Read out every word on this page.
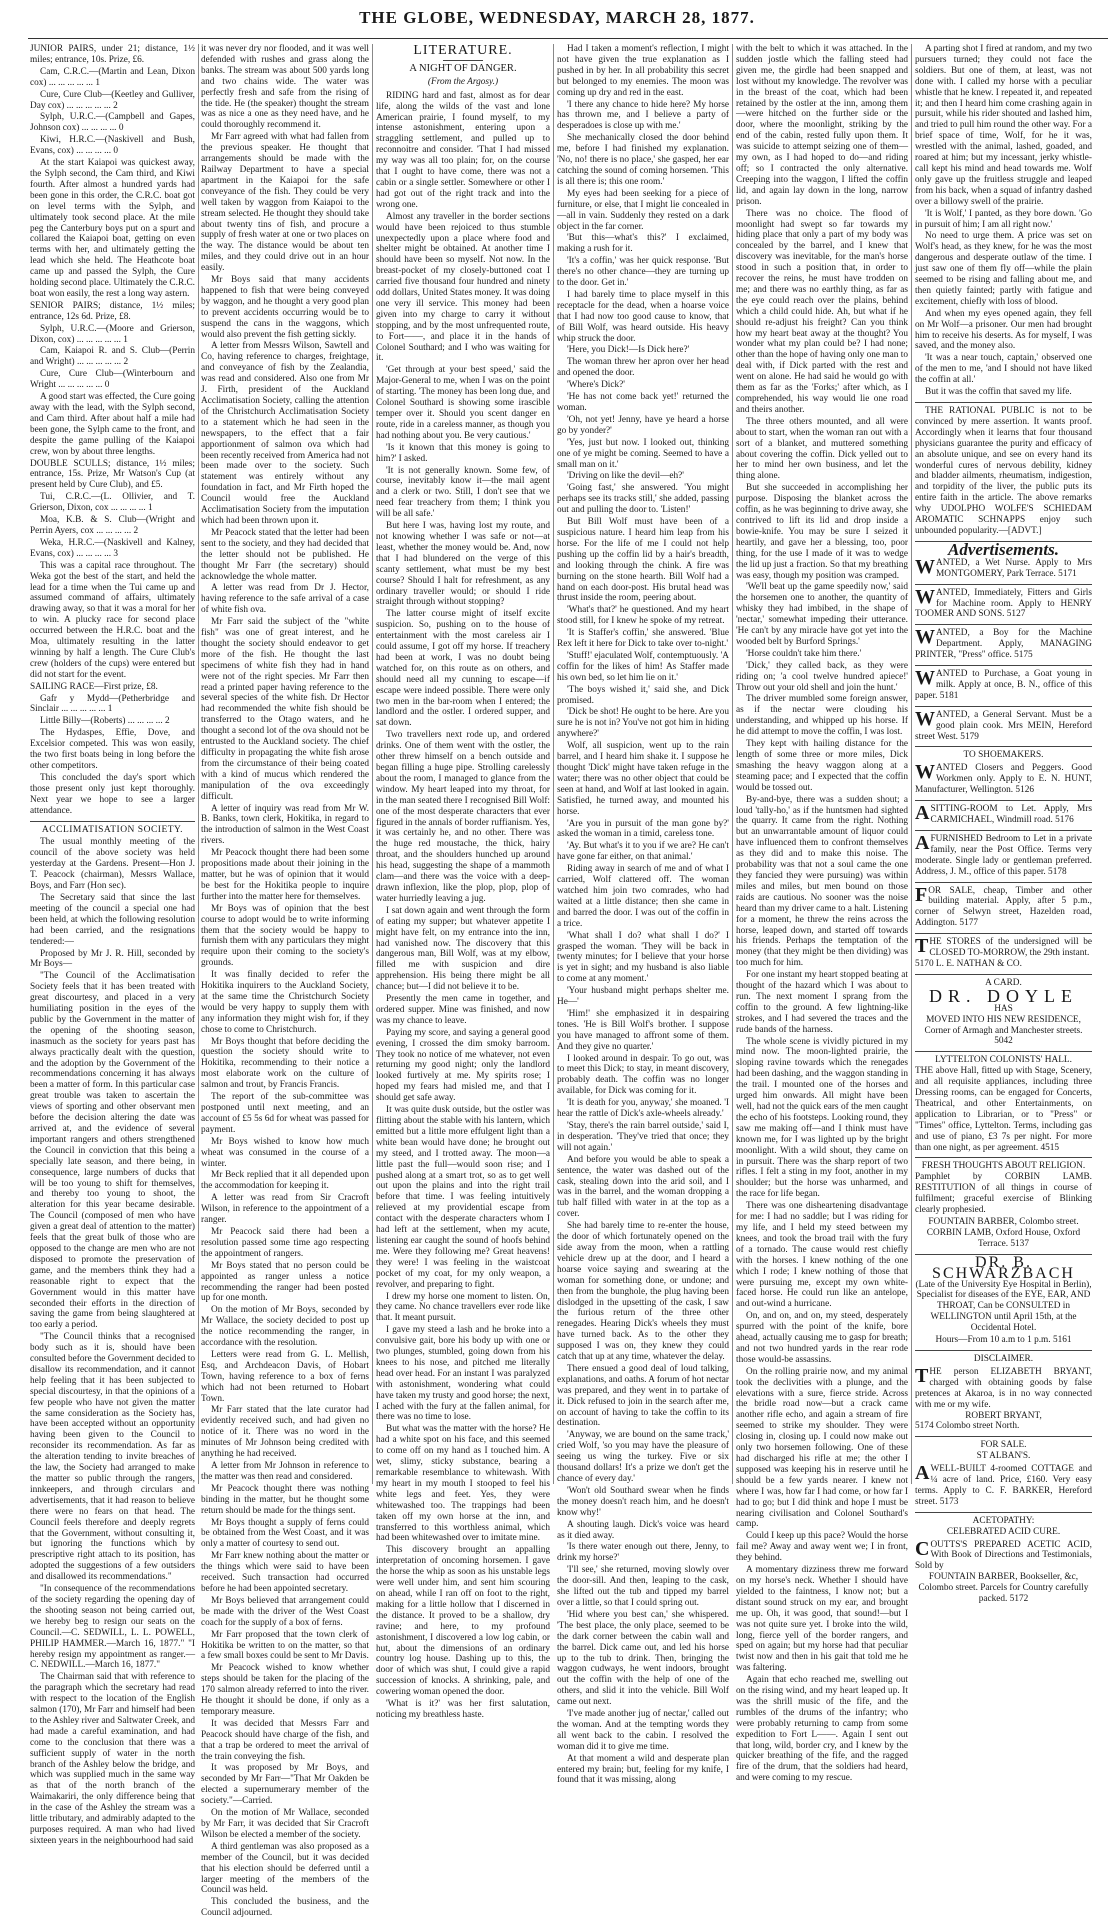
THE GLOBE, WEDNESDAY, MARCH 28, 1877.

JUNIOR PAIRS, under 21; distance, 1½ miles; entrance, 10s. Prize, £6.

Cam, C.R.C.—(Martin and Lean, Dixon cox) ... ... ... ... ... 1

Cure, Cure Club—(Keetley and Gulliver, Day cox) ... ... ... ... ... 2

Sylph, U.R.C.—(Campbell and Gapes, Johnson cox) ... ... ... ... 0

Kiwi, H.R.C.—(Naskivell and Bush, Evans, cox) ... ... ... ... 0

At the start Kaiapoi was quickest away, the Sylph second, the Cam third, and Kiwi fourth. After almost a hundred yards had been gone in this order, the C.R.C. boat got on level terms with the Sylph, and ultimately took second place. At the mile peg the Canterbury boys put on a spurt and collared the Kaiapoi boat, getting on even terms with her, and ultimately getting the lead which she held. The Heathcote boat came up and passed the Sylph, the Cure holding second place. Ultimately the C.R.C. boat won easily, the rest a long way astern.

SENIOR PAIRS; distance, 1½ miles; entrance, 12s 6d. Prize, £8.

Sylph, U.R.C.—(Moore and Grierson, Dixon, cox) ... ... ... ... ... 1

Cam, Kaiapoi R. and S. Club—(Perrin and Wright) ... ... ... ... ... 2

Cure, Cure Club—(Winterbourn and Wright ... ... ... ... ... 0

A good start was effected, the Cure going away with the lead, with the Sylph second, and Cam third. After about half a mile had been gone, the Sylph came to the front, and despite the game pulling of the Kaiapoi crew, won by about three lengths.

DOUBLE SCULLS; distance, 1½ miles; entrance, 15s. Prize, Mr Watson's Cup (at present held by Cure Club), and £5.

Tui, C.R.C.—(L. Ollivier, and T. Grierson, Dixon, cox ... ... ... ... 1

Moa, K.B. & S. Club—(Wright and Perrin Ayers, cox ... ... ... ... 2

Weka, H.R.C.—(Naskivell and Kalney, Evans, cox) ... ... ... ... 3

This was a capital race throughout. The Weka got the best of the start, and held the lead for a time when the Tui came up and assumed command of affairs, ultimately drawing away, so that it was a moral for her to win. A plucky race for second place occurred between the H.R.C. boat and the Moa, ultimately resulting in the latter winning by half a length. The Cure Club's crew (holders of the cups) were entered but did not start for the event.

SAILING RACE—First prize, £8.

Gafr y Mydd—(Petherbridge and Sinclair ... ... ... ... ... 1

Little Billy—(Roberts) ... ... ... ... 2

The Hydaspes, Effie, Dove, and Excelsior competed. This was won easily, the two first boats being in long before the other competitors.

This concluded the day's sport which those present only just kept thoroughly. Next year we hope to see a larger attendance.

ACCLIMATISATION SOCIETY.

The usual monthly meeting of the council of the above society was held yesterday at the Gardens. Present—Hon J. T. Peacock (chairman), Messrs Wallace, Boys, and Farr (Hon sec).

The Secretary said that since the last meeting of the council a special one had been held, at which the following resolution had been carried, and the resignations tendered:—

Proposed by Mr J. R. Hill, seconded by Mr Boys—

"The Council of the Acclimatisation Society feels that it has been treated with great discourtesy, and placed in a very humiliating position in the eyes of the public by the Government in the matter of the opening of the shooting season, inasmuch as the society for years past has always practically dealt with the question, and the adoption by the Government of the recommendations concerning it has always been a matter of form. In this particular case great trouble was taken to ascertain the views of sporting and other observant men before the decision altering the date was arrived at, and the evidence of several important rangers and others strengthened the Council in conviction that this being a specially late season, and there being, in consequence, large numbers of ducks that will be too young to shift for themselves, and thereby too young to shoot, the alteration for this year became desirable. The Council (composed of men who have given a great deal of attention to the matter) feels that the great bulk of those who are opposed to the change are men who are not disposed to promote the preservation of game, and the members think they had a reasonable right to expect that the Government would in this matter have seconded their efforts in the direction of saving the game from being slaughtered at too early a period.

"The Council thinks that a recognised body such as it is, should have been consulted before the Government decided to disallow its recommendation, and it cannot help feeling that it has been subjected to special discourtesy, in that the opinions of a few people who have not given the matter the same consideration as the Society has, have been accepted without an opportunity having been given to the Council to reconsider its recommendation. As far as the alteration tending to invite breaches of the law, the Society had arranged to make the matter so public through the rangers, innkeepers, and through circulars and advertisements, that it had reason to believe there were no fears on that head. The Council feels therefore and deeply regrets that the Government, without consulting it, but ignoring the functions which by prescriptive right attach to its position, has adopted the suggestions of a few outsiders and disallowed its recommendations."

"In consequence of the recommendations of the society regarding the opening day of the shooting season not being carried out, we hereby beg to resign our seats on the Council.—C. SEDWILL, L. L. POWELL, PHILIP HAMMER.—March 16, 1877." "I hereby resign my appointment as ranger.—C. NEDWILL.—March 16, 1877."

The Chairman said that with reference to the paragraph which the secretary had read with respect to the location of the English salmon (170), Mr Farr and himself had been to the Ashley river and Saltwater Creek, and had made a careful examination, and had come to the conclusion that there was a sufficient supply of water in the north branch of the Ashley below the bridge, and which was supplied much in the same way as that of the north branch of the Waimakariri, the only difference being that in the case of the Ashley the stream was a little tributary, and admirably adapted to the purposes required. A man who had lived sixteen years in the neighbourhood had said

it was never dry nor flooded, and it was well defended with rushes and grass along the banks. The stream was about 500 yards long and two chains wide. The water was perfectly fresh and safe from the rising of the tide. He (the speaker) thought the stream was as nice a one as they need have, and he could thoroughly recommend it.

Mr Farr agreed with what had fallen from the previous speaker. He thought that arrangements should be made with the Railway Department to have a special apartment in the Kaiapoi for the safe conveyance of the fish. They could be very well taken by waggon from Kaiapoi to the stream selected. He thought they should take about twenty tins of fish, and procure a supply of fresh water at one or two places on the way. The distance would be about ten miles, and they could drive out in an hour easily.

Mr Boys said that many accidents happened to fish that were being conveyed by waggon, and he thought a very good plan to prevent accidents occurring would be to suspend the cans in the waggons, which would also prevent the fish getting sickly.

A letter from Messrs Wilson, Sawtell and Co, having reference to charges, freightage, and conveyance of fish by the Zealandia, was read and considered. Also one from Mr J. Firth, president of the Auckland Acclimatisation Society, calling the attention of the Christchurch Acclimatisation Society to a statement which he had seen in the newspapers, to the effect that a fair apportionment of salmon ova which had been recently received from America had not been made over to the society. Such statement was entirely without any foundation in fact, and Mr Firth hoped the Council would free the Auckland Acclimatisation Society from the imputation which had been thrown upon it.

Mr Peacock stated that the letter had been sent to the society, and they had decided that the letter should not be published. He thought Mr Farr (the secretary) should acknowledge the whole matter.

A letter was read from Dr J. Hector, having reference to the safe arrival of a case of white fish ova.

Mr Farr said the subject of the "white fish" was one of great interest, and he thought the society should endeavor to get more of the fish. He thought the last specimens of white fish they had in hand were not of the right species. Mr Farr then read a printed paper having reference to the several species of the white fish. Dr Hector had recommended the white fish should be transferred to the Otago waters, and he thought a second lot of the ova should not be entrusted to the Auckland society. The chief difficulty in propagating the white fish arose from the circumstance of their being coated with a kind of mucus which rendered the manipulation of the ova exceedingly difficult.

A letter of inquiry was read from Mr W. B. Banks, town clerk, Hokitika, in regard to the introduction of salmon in the West Coast rivers.

Mr Peacock thought there had been some propositions made about their joining in the matter, but he was of opinion that it would be best for the Hokitika people to inquire further into the matter here for themselves.

Mr Boys was of opinion that the best course to adopt would be to write informing them that the society would be happy to furnish them with any particulars they might require upon their coming to the society's grounds.

It was finally decided to refer the Hokitika inquirers to the Auckland Society, at the same time the Christchurch Society would be very happy to supply them with any information they might wish for, if they chose to come to Christchurch.

Mr Boys thought that before deciding the question the society should write to Hokitika, recommending to their notice a most elaborate work on the culture of salmon and trout, by Francis Francis.

The report of the sub-committee was postponed until next meeting, and an account of £5 5s 6d for wheat was passed for payment.

Mr Boys wished to know how much wheat was consumed in the course of a winter.

Mr Beck replied that it all depended upon the accommodation for keeping it.

A letter was read from Sir Cracroft Wilson, in reference to the appointment of a ranger.

Mr Peacock said there had been a resolution passed some time ago respecting the appointment of rangers.

Mr Boys stated that no person could be appointed as ranger unless a notice recommending the ranger had been posted up for one month.

On the motion of Mr Boys, seconded by Mr Wallace, the society decided to post up the notice recommending the ranger, in accordance with the resolution.

Letters were read from G. L. Mellish, Esq, and Archdeacon Davis, of Hobart Town, having reference to a box of ferns which had not been returned to Hobart Town.

Mr Farr stated that the late curator had evidently received such, and had given no notice of it. There was no word in the minutes of Mr Johnson being credited with anything he had received.

A letter from Mr Johnson in reference to the matter was then read and considered.

Mr Peacock thought there was nothing binding in the matter, but he thought some return should be made for the things sent.

Mr Boys thought a supply of ferns could be obtained from the West Coast, and it was only a matter of courtesy to send out.

Mr Farr knew nothing about the matter or the things which were said to have been received. Such transaction had occurred before he had been appointed secretary.

Mr Boys believed that arrangement could be made with the driver of the West Coast coach for the supply of a box of ferns.

Mr Farr proposed that the town clerk of Hokitika be written to on the matter, so that a few small boxes could be sent to Mr Davis.

Mr Peacock wished to know whether steps should be taken for the placing of the 170 salmon already referred to into the river. He thought it should be done, if only as a temporary measure.

It was decided that Messrs Farr and Peacock should have charge of the fish, and that a trap be ordered to meet the arrival of the train conveying the fish.

It was proposed by Mr Boys, and seconded by Mr Farr—"That Mr Oakden be elected a supernumerary member of the society."—Carried.

On the motion of Mr Wallace, seconded by Mr Farr, it was decided that Sir Cracroft Wilson be elected a member of the society.

A third gentleman was also proposed as a member of the Council, but it was decided that his election should be deferred until a larger meeting of the members of the Council was held.

This concluded the business, and the Council adjourned.

LITERATURE.
A NIGHT OF DANGER.
(From the Argosy.)

RIDING hard and fast, almost as for dear life, along the wilds of the vast and lone American prairie, I found myself, to my intense astonishment, entering upon a straggling settlement, and pulled up to reconnoitre and consider. 'That I had missed my way was all too plain; for, on the course that I ought to have come, there was not a cabin or a single settler. Somewhere or other I had got out of the right track and into the wrong one.

Almost any traveller in the border sections would have been rejoiced to thus stumble unexpectedly upon a place where food and shelter might be obtained. At another time I should have been so myself. Not now. In the breast-pocket of my closely-buttoned coat I carried five thousand four hundred and ninety odd dollars, United States money. It was doing one very ill service. This money had been given into my charge to carry it without stopping, and by the most unfrequented route, to Fort——, and place it in the hands of Colonel Southard; and I who was waiting for it.

'Get through at your best speed,' said the Major-General to me, when I was on the point of starting. 'The money has been long due, and Colonel Southard is showing some irascible temper over it. Should you scent danger en route, ride in a careless manner, as though you had nothing about you. Be very cautious.'

'Is it known that this money is going to him?' I asked.

'It is not generally known. Some few, of course, inevitably know it—the mail agent and a clerk or two. Still, I don't see that we need fear treachery from them; I think you will be all safe.'

But here I was, having lost my route, and not knowing whether I was safe or not—at least, whether the money would be. And, now that I had blundered on the verge of this scanty settlement, what must be my best course? Should I halt for refreshment, as any ordinary traveller would; or should I ride straight through without stopping?

The latter course might of itself excite suspicion. So, pushing on to the house of entertainment with the most careless air I could assume, I got off my horse. If treachery had been at work, I was no doubt being watched for, on this route as on others, and should need all my cunning to escape—if escape were indeed possible. There were only two men in the bar-room when I entered; the landlord and the ostler. I ordered supper, and sat down.

Two travellers next rode up, and ordered drinks. One of them went with the ostler, the other threw himself on a bench outside and began filling a huge pipe. Strolling carelessly about the room, I managed to glance from the window. My heart leaped into my throat, for in the man seated there I recognised Bill Wolf: one of the most desperate characters that ever figured in the annals of border ruffianism. Yes, it was certainly he, and no other. There was the huge red moustache, the thick, hairy throat, and the shoulders hunched up around his head, suggesting the shape of a mammoth clam—and there was the voice with a deep-drawn inflexion, like the plop, plop, plop of water hurriedly leaving a jug.

I sat down again and went through the form of eating my supper; but whatever appetite I might have felt, on my entrance into the inn, had vanished now. The discovery that this dangerous man, Bill Wolf, was at my elbow, filled me with suspicion and dire apprehension. His being there might be all chance; but—I did not believe it to be.

Presently the men came in together, and ordered supper. Mine was finished, and now was my chance to leave.

Paying my score, and saying a general good evening, I crossed the dim smoky barroom. They took no notice of me whatever, not even returning my good night; only the landlord looked furtively at me. My spirits rose; I hoped my fears had misled me, and that I should get safe away.

It was quite dusk outside, but the ostler was flitting about the stable with his lantern, which emitted but a little more effulgent light than a white bean would have done; he brought out my steed, and I trotted away. The moon—a little past the full—would soon rise; and I pushed along at a smart trot, so as to get well out upon the plains and into the right trail before that time. I was feeling intuitively relieved at my providential escape from contact with the desperate characters whom I had left at the settlement, when my acute, listening ear caught the sound of hoofs behind me. Were they following me? Great heavens! they were! I was feeling in the waistcoat pocket of my coat, for my only weapon, a revolver, and preparing to fight.

I drew my horse one moment to listen. On, they came. No chance travellers ever rode like that. It meant pursuit.

I gave my steed a lash and he broke into a convulsive gait, bore his body up with one or two plunges, stumbled, going down from his knees to his nose, and pitched me literally head over head. For an instant I was paralyzed with astonishment, wondering what could have taken my trusty and good horse; the next, I ached with the fury at the fallen animal, for there was no time to lose.

But what was the matter with the horse? He had a white spot on his face, and this seemed to come off on my hand as I touched him. A wet, slimy, sticky substance, bearing a remarkable resemblance to whitewash. With my heart in my mouth I stooped to feel his white legs and feet. Yes, they were whitewashed too. The trappings had been taken off my own horse at the inn, and transferred to this worthless animal, which had been whitewashed over to imitate mine.

This discovery brought an appalling interpretation of oncoming horsemen. I gave the horse the whip as soon as his unstable legs were well under him, and sent him scouring on ahead, while I ran off on foot to the right, making for a little hollow that I discerned in the distance. It proved to be a shallow, dry ravine; and here, to my profound astonishment, I discovered a low log cabin, or hut, about the dimensions of an ordinary country log house. Dashing up to this, the door of which was shut, I could give a rapid succession of knocks. A shrinking, pale, and cowering woman opened the door.

'What is it?' was her first salutation, noticing my breathless haste.

Had I taken a moment's reflection, I might not have given the true explanation as I pushed in by her. In all probability this secret but belonged to my enemies. The moon was coming up dry and red in the east.

'I there any chance to hide here? My horse has thrown me, and I believe a party of desperadoes is close up with me.'

She mechanically closed the door behind me, before I had finished my explanation. 'No, no! there is no place,' she gasped, her ear catching the sound of coming horsemen. 'This is all there is; this one room.'

My eyes had been seeking for a piece of furniture, or else, that I might lie concealed in—all in vain. Suddenly they rested on a dark object in the far corner.

'But this—what's this?' I exclaimed, making a rush for it.

'It's a coffin,' was her quick response. 'But there's no other chance—they are turning up to the door. Get in.'

I had barely time to place myself in this receptacle for the dead, when a hoarse voice that I had now too good cause to know, that of Bill Wolf, was heard outside. His heavy whip struck the door.

'Here, you Dick!—Is Dick here?'

The woman threw her apron over her head and opened the door.

'Where's Dick?'

'He has not come back yet!' returned the woman.

'Oh, not yet! Jenny, have ye heard a horse go by yonder?'

'Yes, just but now. I looked out, thinking one of ye might be coming. Seemed to have a small man on it.'

'Driving on like the devil—eh?'

'Going fast,' she answered. 'You might perhaps see its tracks still,' she added, passing out and pulling the door to. 'Listen!'

But Bill Wolf must have been of a suspicious nature. I heard him leap from his horse. For the life of me I could not help pushing up the coffin lid by a hair's breadth, and looking through the chink. A fire was burning on the stone hearth. Bill Wolf had a hand on each door-post. His brutal head was thrust inside the room, peering about.

'What's that?' he questioned. And my heart stood still, for I knew he spoke of my retreat.

'It is Staffer's coffin,' she answered. 'Blue Rex left it here for Dick to take over to-night.'

'Stuff!' ejaculated Wolf, contemptuously. 'A coffin for the likes of him! As Staffer made his own bed, so let him lie on it.'

'The boys wished it,' said she, and Dick promised.

'Dick be shot! He ought to be here. Are you sure he is not in? You've not got him in hiding anywhere?'

Wolf, all suspicion, went up to the rain barrel, and I heard him shake it. I suppose he thought 'Dick' might have taken refuge in the water; there was no other object that could be seen at hand, and Wolf at last looked in again. Satisfied, he turned away, and mounted his horse.

'Are you in pursuit of the man gone by?' asked the woman in a timid, careless tone.

'Ay. But what's it to you if we are? He can't have gone far either, on that animal.'

Riding away in search of me and of what I carried, Wolf clattered off. The woman watched him join two comrades, who had waited at a little distance; then she came in and barred the door. I was out of the coffin in a trice.

'What shall I do? what shall I do?' I grasped the woman. 'They will be back in twenty minutes; for I believe that your horse is yet in sight; and my husband is also liable to come at any moment.'

'Your husband might perhaps shelter me. He—'

'Him!' she emphasized it in despairing tones. 'He is Bill Wolf's brother. I suppose you have managed to affront some of them. And they give no quarter.'

I looked around in despair. To go out, was to meet this Dick; to stay, in meant discovery, probably death. The coffin was no longer available, for Dick was coming for it.

'It is death for you, anyway,' she moaned. 'I hear the rattle of Dick's axle-wheels already.'

'Stay, there's the rain barrel outside,' said I, in desperation. 'They've tried that once; they will not again.'

And before you would be able to speak a sentence, the water was dashed out of the cask, stealing down into the arid soil, and I was in the barrel, and the woman dropping a tub half filled with water in at the top as a cover.

She had barely time to re-enter the house, the door of which fortunately opened on the side away from the moon, when a rattling vehicle drew up at the door, and I heard a hoarse voice saying and swearing at the woman for something done, or undone; and then from the bunghole, the plug having been dislodged in the upsetting of the cask, I saw the furious return of the three other renegades. Hearing Dick's wheels they must have turned back. As to the other they supposed I was on, they knew they could catch that up at any time, whatever the delay.

There ensued a good deal of loud talking, explanations, and oaths. A forum of hot nectar was prepared, and they went in to partake of it. Dick refused to join in the search after me, on account of having to take the coffin to its destination.

'Anyway, we are bound on the same track,' cried Wolf, 'so you may have the pleasure of seeing us wing the turkey. Five or six thousand dollars! It's a prize we don't get the chance of every day.'

'Won't old Southard swear when he finds the money doesn't reach him, and he doesn't know why!'

A shouting laugh. Dick's voice was heard as it died away.

'Is there water enough out there, Jenny, to drink my horse?'

'I'll see,' she returned, moving slowly over the door-sill. And then, leaping to the cask, she lifted out the tub and tipped my barrel over a little, so that I could spring out.

'Hid where you best can,' she whispered. 'The best place, the only place, seemed to be the dark corner between the cabin wall and the barrel. Dick came out, and led his horse up to the tub to drink. Then, bringing the waggon cudways, he went indoors, brought out the coffin with the help of one of the others, and slid it into the vehicle. Bill Wolf came out next.

'I've made another jug of nectar,' called out the woman. And at the tempting words they all went back to the cabin. I resolved the woman did it to give me time.

At that moment a wild and desperate plan entered my brain; but, feeling for my knife, I found that it was missing, along

with the belt to which it was attached. In the sudden jostle which the falling steed had given me, the girdle had been snapped and lost without my knowledge. The revolver was in the breast of the coat, which had been retained by the ostler at the inn, among them—were hitched on the further side or the door, where the moonlight, striking by the end of the cabin, rested fully upon them. It was suicide to attempt seizing one of them—my own, as I had hoped to do—and riding off; so I contracted the only alternative. Creeping into the waggon, I lifted the coffin lid, and again lay down in the long, narrow prison.

There was no choice. The flood of moonlight had swept so far towards my hiding place that only a part of my body was concealed by the barrel, and I knew that discovery was inevitable, for the man's horse stood in such a position that, in order to recover the reins, he must have trodden on me; and there was no earthly thing, as far as the eye could reach over the plains, behind which a child could hide. Ah, but what if he should re-adjust his freight? Can you think how my heart beat away at the thought? You wonder what my plan could be? I had none; other than the hope of having only one man to deal with, if Dick parted with the rest and went on alone. He had said he would go with them as far as the 'Forks;' after which, as I comprehended, his way would lie one road and theirs another.

The three others mounted, and all were about to start, when the woman ran out with a sort of a blanket, and muttered something about covering the coffin. Dick yelled out to her to mind her own business, and let the thing alone.

But she succeeded in accomplishing her purpose. Disposing the blanket across the coffin, as he was beginning to drive away, she contrived to lift its lid and drop inside a bowie-knife. You may be sure I seized it heartily, and gave her a blessing, too, poor thing, for the use I made of it was to wedge the lid up just a fraction. So that my breathing was easy, though my position was cramped.

'We'll beat up the game speedily now,' said the horsemen one to another, the quantity of whisky they had imbibed, in the shape of 'nectar,' somewhat impeding their utterance. 'He can't by any miracle have got yet into the wooded belt by Burford Springs.'

'Horse couldn't take him there.'

'Dick,' they called back, as they were riding on; 'a cool twelve hundred apiece!' Throw out your old shell and join the hunt.'

The driver mumbled some foreign answer, as if the nectar were clouding his understanding, and whipped up his horse. If he did attempt to move the coffin, I was lost.

They kept with hailing distance for the length of some three or more miles, Dick smashing the heavy waggon along at a steaming pace; and I expected that the coffin would be tossed out.

By-and-bye, there was a sudden shout; a loud 'tally-ho,' as if the huntsmen had sighted the quarry. It came from the right. Nothing but an unwarrantable amount of liquor could have influenced them to confront themselves as they did and to make this noise. The probability was that not a soul came the one they fancied they were pursuing) was within miles and miles, but men bound on those raids are cautious. No sooner was the noise heard than my driver came to a halt. Listening for a moment, he threw the reins across the horse, leaped down, and started off towards his friends. Perhaps the temptation of the money (that they might be then dividing) was too much for him.

For one instant my heart stopped beating at thought of the hazard which I was about to run. The next moment I sprang from the coffin to the ground. A few lightning-like strokes, and I had severed the traces and the rude bands of the harness.

The whole scene is vividly pictured in my mind now. The moon-lighted prairie, the sloping ravine towards which the renegades had been dashing, and the waggon standing in the trail. I mounted one of the horses and urged him onwards. All might have been well, had not the quick ears of the men caught the echo of his footsteps. Looking round, they saw me making off—and I think must have known me, for I was lighted up by the bright moonlight. With a wild shout, they came on in pursuit. There was the sharp report of two rifles. I felt a sting in my foot, another in my shoulder; but the horse was unharmed, and the race for life began.

There was one disheartening disadvantage for me: I had no saddle; but I was riding for my life, and I held my steed between my knees, and took the broad trail with the fury of a tornado. The cause would rest chiefly with the horses. I knew nothing of the one which I rode; I knew nothing of those that were pursuing me, except my own white-faced horse. He could run like an antelope, and out-wind a hurricane.

On, and on, and on, my steed, desperately spurred with the point of the knife, bore ahead, actually causing me to gasp for breath; and not two hundred yards in the rear rode those would-be assassins.

On the rolling prairie now, and my animal took the declivities with a plunge, and the elevations with a sure, fierce stride. Across the bridle road now—but a crack came another rifle echo, and again a stream of fire seemed to strike my shoulder. They were closing in, closing up. I could now make out only two horsemen following. One of these had discharged his rifle at me; the other I supposed was keeping his in reserve until he should be a few yards nearer. I knew not where I was, how far I had come, or how far I had to go; but I did think and hope I must be nearing civilisation and Colonel Southard's camp.

Could I keep up this pace? Would the horse fail me? Away and away went we; I in front, they behind.

A momentary dizziness threw me forward on my horse's neck. Whether I should have yielded to the faintness, I know not; but a distant sound struck on my ear, and brought me up. Oh, it was good, that sound!—but I was not quite sure yet. I broke into the wild, long, fierce yell of the border rangers, and sped on again; but my horse had that peculiar twist now and then in his gait that told me he was faltering.

Again that echo reached me, swelling out on the rising wind, and my heart leaped up. It was the shrill music of the fife, and the rumbles of the drums of the infantry; who were probably returning to camp from some expedition to Fort L——. Again I sent out that long, wild, border cry, and I knew by the quicker breathing of the fife, and the ragged fire of the drum, that the soldiers had heard, and were coming to my rescue.

A parting shot I fired at random, and my two pursuers turned; they could not face the soldiers. But one of them, at least, was not done with. I called my horse with a peculiar whistle that he knew. I repeated it, and repeated it; and then I heard him come crashing again in pursuit, while his rider shouted and lashed him, and tried to pull him round the other way. For a brief space of time, Wolf, for he it was, wrestled with the animal, lashed, goaded, and roared at him; but my incessant, jerky whistle-call kept his mind and head towards me. Wolf only gave up the fruitless struggle and leaped from his back, when a squad of infantry dashed over a billowy swell of the prairie.

'It is Wolf,' I panted, as they bore down. 'Go in pursuit of him; I am all right now.'

No need to urge them. A price was set on Wolf's head, as they knew, for he was the most dangerous and desperate outlaw of the time. I just saw one of them fly off—while the plain seemed to be rising and falling about me, and then quietly fainted; partly with fatigue and excitement, chiefly with loss of blood.

And when my eyes opened again, they fell on Mr Wolf—a prisoner. Our men had brought him to receive his deserts. As for myself, I was saved, and the money also.

'It was a near touch, captain,' observed one of the men to me, 'and I should not have liked the coffin at all.'

But it was the coffin that saved my life.

THE RATIONAL PUBLIC is not to be convinced by mere assertion. It wants proof. Accordingly when it learns that four thousand physicians guarantee the purity and efficacy of an absolute unique, and see on every hand its wonderful cures of nervous debility, kidney and bladder ailments, rheumatism, indigestion, and torpidity of the liver, the public puts its entire faith in the article. The above remarks why UDOLPHO WOLFE'S SCHIEDAM AROMATIC SCHNAPPS enjoy such unbounded popularity.—[ADVT.]

Advertisements.
WANTED, a Wet Nurse. Apply to Mrs MONTGOMERY, Park Terrace. 5171
WANTED, Immediately, Fitters and Girls for Machine room. Apply to HENRY TOOMER AND SONS. 5127
WANTED, a Boy for the Machine Department. Apply, MANAGING PRINTER, "Press" office. 5175
WANTED to Purchase, a Goat young in milk. Apply at once, B. N., office of this paper. 5181
WANTED, a General Servant. Must be a good plain cook. Mrs MEIN, Hereford street West. 5179
TO SHOEMAKERS.
WANTED Closers and Peggers. Good Workmen only. Apply to E. N. HUNT, Manufacturer, Wellington. 5126
ASITTING-ROOM to Let. Apply, Mrs CARMICHAEL, Windmill road. 5176
AFURNISHED Bedroom to Let in a private family, near the Post Office. Terms very moderate. Single lady or gentleman preferred. Address, J. M., office of this paper. 5178
FOR SALE, cheap, Timber and other building material. Apply, after 5 p.m., corner of Selwyn street, Hazelden road, Addington. 5177
THE STORES of the undersigned will be CLOSED TO-MORROW, the 29th instant.
5170 L. E. NATHAN & CO.
A CARD.
DR. DOYLE
HAS
MOVED INTO HIS NEW RESIDENCE, Corner of Armagh and Manchester streets. 5042
LYTTELTON COLONISTS' HALL.

THE above Hall, fitted up with Stage, Scenery, and all requisite appliances, including three Dressing rooms, can be engaged for Concerts, Theatrical, and other Entertainments, on application to Librarian, or to "Press" or "Times" office, Lyttelton. Terms, including gas and use of piano, £3 7s per night. For more than one night, as per agreement. 4515

FRESH THOUGHTS ABOUT RELIGION.

Pamphlet by CORBIN LAMB. RESTITUTION of all things in course of fulfilment; graceful exercise of Blinking clearly prophesied.

FOUNTAIN BARBER, Colombo street.
CORBIN LAMB, Oxford House, Oxford Terrace. 5137
DR. B. SCHWARZBACH

(Late of the University Eye Hospital in Berlin), Specialist for diseases of the EYE, EAR, AND THROAT, Can be CONSULTED in WELLINGTON until April 15th, at the Occidental Hotel.

Hours—From 10 a.m to 1 p.m. 5161
DISCLAIMER.
THE person ELIZABETH BRYANT, charged with obtaining goods by false pretences at Akaroa, is in no way connected with me or my wife.
ROBERT BRYANT,
5174 Colombo street North.
FOR SALE.
ST ALBAN'S.
AWELL-BUILT 4-roomed COTTAGE and ¼ acre of land. Price, £160. Very easy terms. Apply to C. F. BARKER, Hereford street. 5173
ACETOPATHY:
CELEBRATED ACID CURE.
COUTTS'S PREPARED ACETIC ACID, With Book of Directions and Testimonials, Sold by
FOUNTAIN BARBER, Bookseller, &c, Colombo street. Parcels for Country carefully packed. 5172
